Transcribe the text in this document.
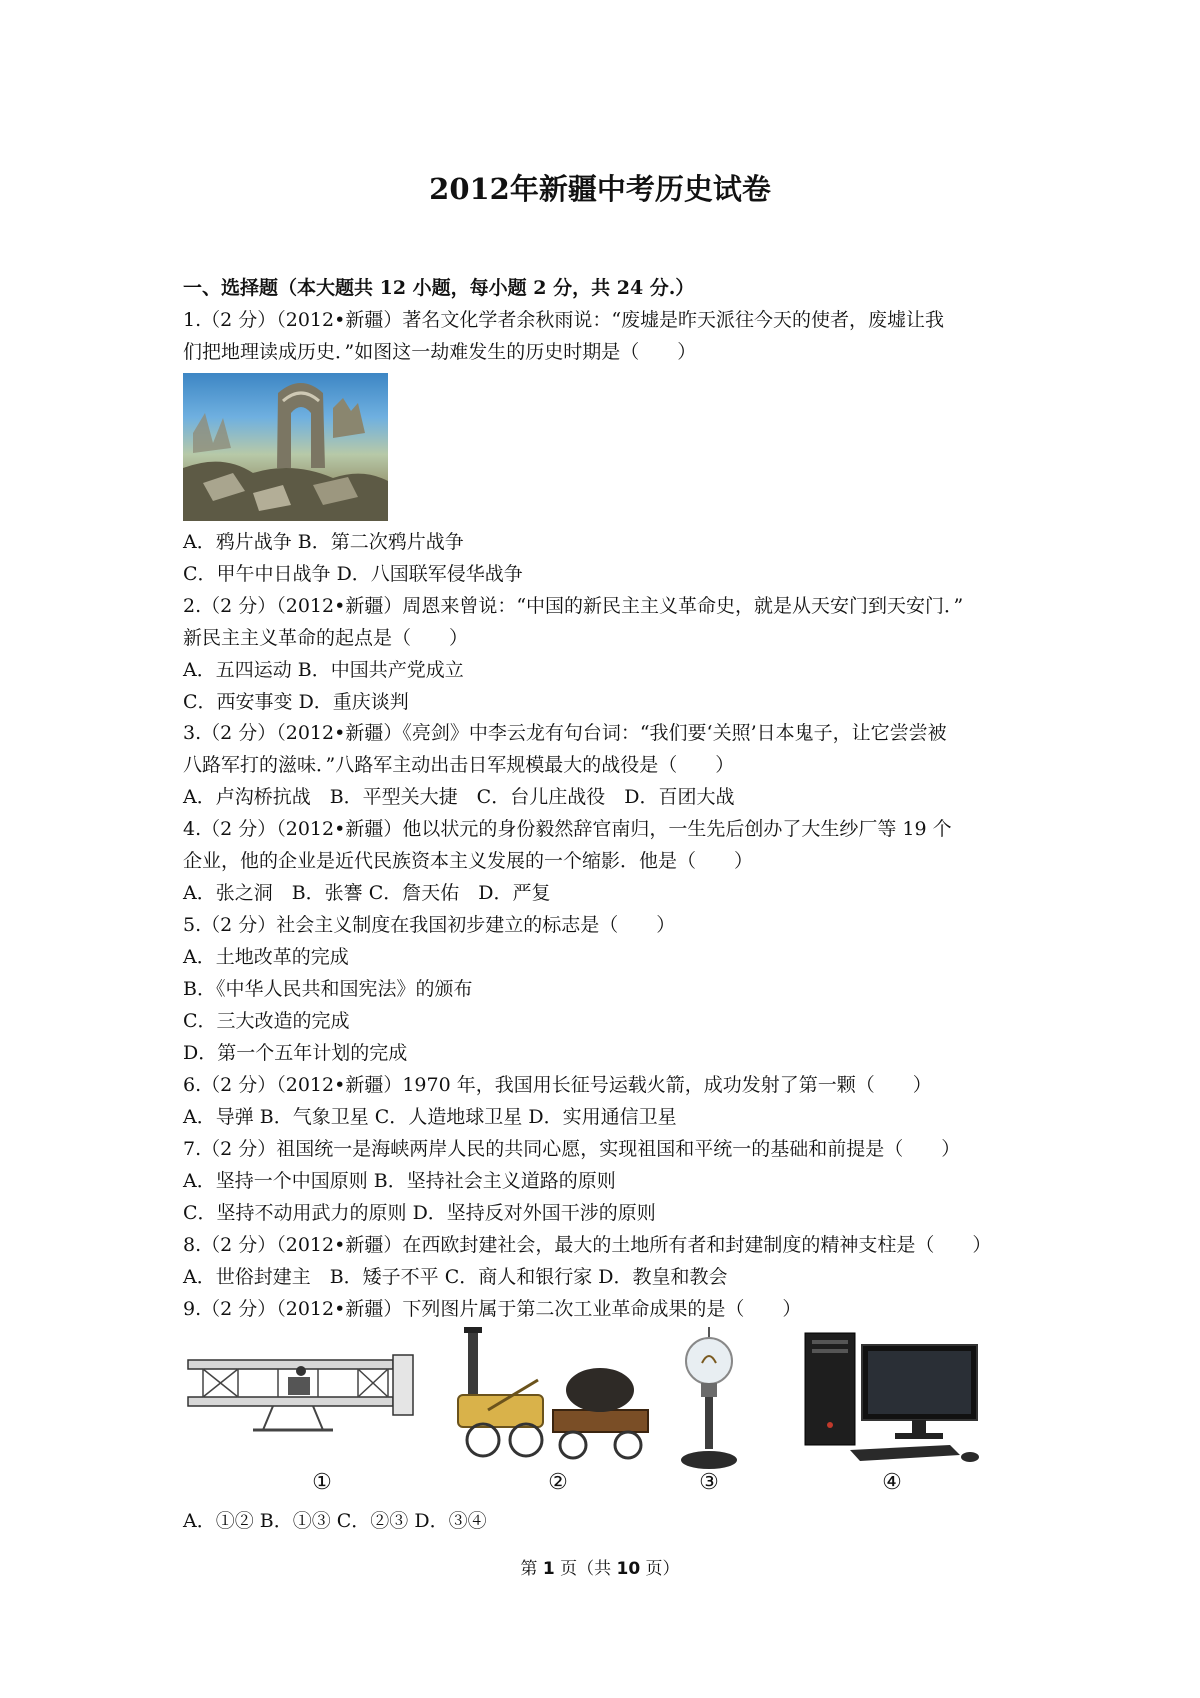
2012年新疆中考历史试卷

一、选择题（本大题共 12 小题，每小题 2 分，共 24 分.）

1.（2 分）（2012•新疆）著名文化学者余秋雨说：“废墟是昨天派往今天的使者，废墟让我

们把地理读成历史．”如图这一劫难发生的历史时期是（　　）

A．鸦片战争 B．第二次鸦片战争

C．甲午中日战争 D．八国联军侵华战争

2.（2 分）（2012•新疆）周恩来曾说：“中国的新民主主义革命史，就是从天安门到天安门．”

新民主主义革命的起点是（　　）

A．五四运动 B．中国共产党成立

C．西安事变 D．重庆谈判

3.（2 分）（2012•新疆）《亮剑》中李云龙有句台词：“我们要‘关照’日本鬼子，让它尝尝被

八路军打的滋味．”八路军主动出击日军规模最大的战役是（　　）

A．卢沟桥抗战　B．平型关大捷　C．台儿庄战役　D．百团大战

4.（2 分）（2012•新疆）他以状元的身份毅然辞官南归，一生先后创办了大生纱厂等 19 个

企业，他的企业是近代民族资本主义发展的一个缩影．他是（　　）

A．张之洞　B．张謇 C．詹天佑　D．严复

5.（2 分）社会主义制度在我国初步建立的标志是（　　）

A．土地改革的完成

B．《中华人民共和国宪法》的颁布

C．三大改造的完成

D．第一个五年计划的完成

6.（2 分）（2012•新疆）1970 年，我国用长征号运载火箭，成功发射了第一颗（　　）

A．导弹 B．气象卫星 C．人造地球卫星 D．实用通信卫星

7.（2 分）祖国统一是海峡两岸人民的共同心愿，实现祖国和平统一的基础和前提是（　　）

A．坚持一个中国原则 B．坚持社会主义道路的原则

C．坚持不动用武力的原则 D．坚持反对外国干涉的原则

8.（2 分）（2012•新疆）在西欧封建社会，最大的土地所有者和封建制度的精神支柱是（　　）

A．世俗封建主　B．矮子不平 C．商人和银行家 D．教皇和教会

9.（2 分）（2012•新疆）下列图片属于第二次工业革命成果的是（　　）

①	②	③	④

A．①② B．①③ C．②③ D．③④

第 1 页（共 10 页）
